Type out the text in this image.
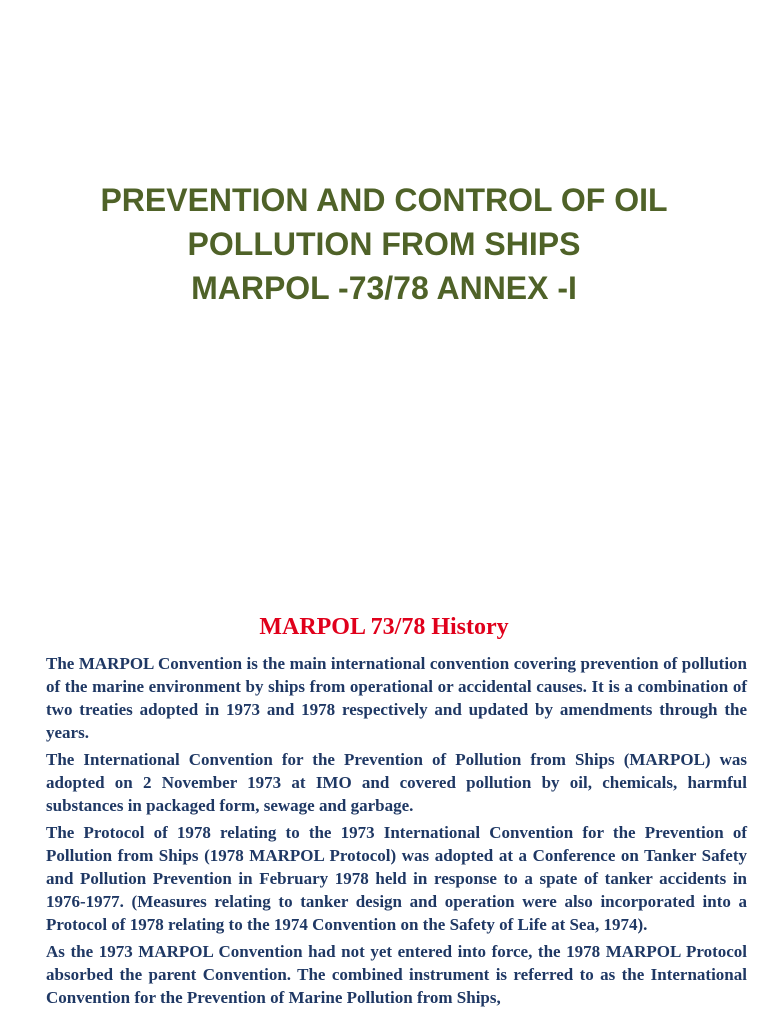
PREVENTION AND CONTROL OF OIL
POLLUTION FROM SHIPS
MARPOL -73/78 ANNEX -I
MARPOL 73/78 History

The MARPOL Convention is the main international convention covering prevention of pollution of the marine environment by ships from operational or accidental causes. It is a combination of two treaties adopted in 1973 and 1978 respectively and updated by amendments through the years.

The International Convention for the Prevention of Pollution from Ships (MARPOL) was adopted on 2 November 1973 at IMO and covered pollution by oil, chemicals, harmful substances in packaged form, sewage and garbage.

The Protocol of 1978 relating to the 1973 International Convention for the Prevention of Pollution from Ships (1978 MARPOL Protocol) was adopted at a Conference on Tanker Safety and Pollution Prevention in February 1978 held in response to a spate of tanker accidents in 1976-1977. (Measures relating to tanker design and operation were also incorporated into a Protocol of 1978 relating to the 1974 Convention on the Safety of Life at Sea, 1974).

As the 1973 MARPOL Convention had not yet entered into force, the 1978 MARPOL Protocol absorbed the parent Convention. The combined instrument is referred to as the International Convention for the Prevention of Marine Pollution from Ships,
